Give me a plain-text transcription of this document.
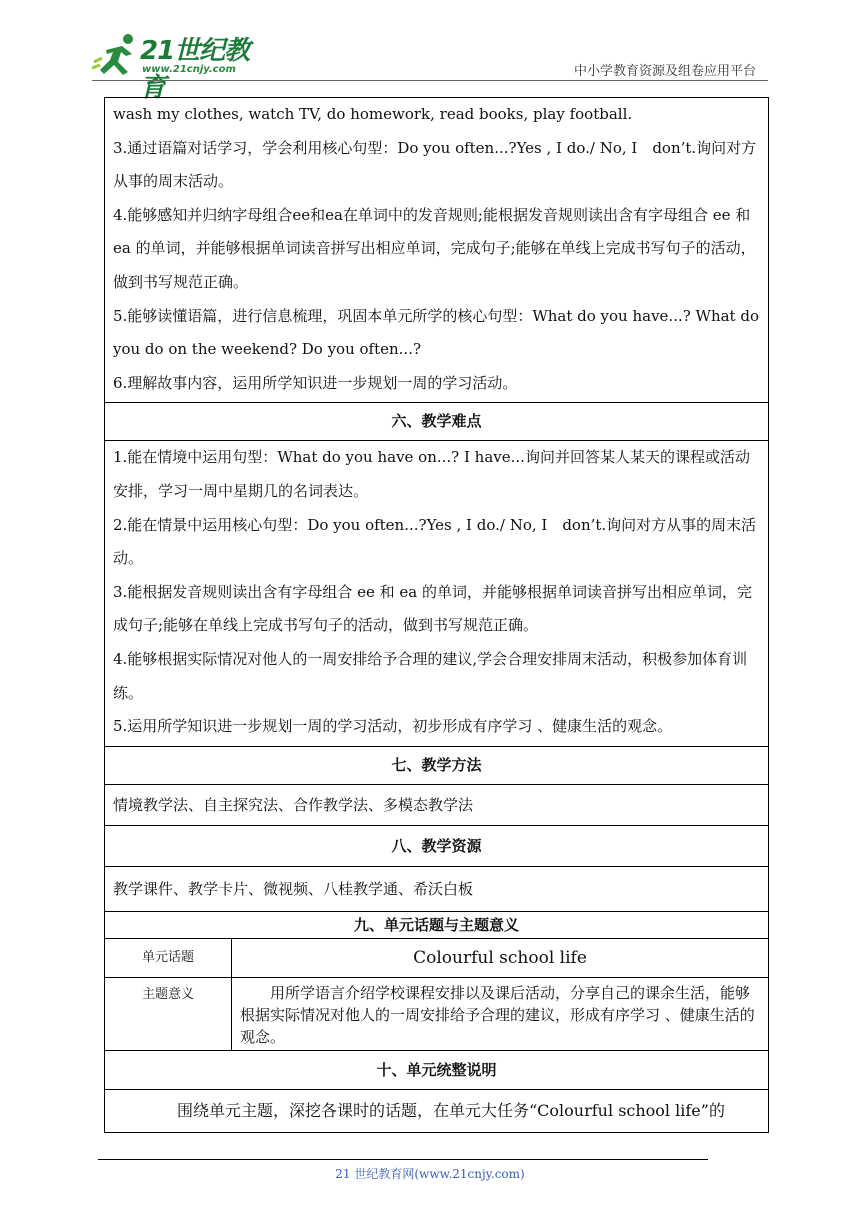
21世纪教育
www.21cnjy.com	中小学教育资源及组卷应用平台

wash my clothes, watch TV, do homework, read books, play football.

3.通过语篇对话学习，学会利用核心句型：Do you often...?Yes , I do./ No, I　don’t.询问对方从事的周末活动。

4.能够感知并归纳字母组合ee和ea在单词中的发音规则;能根据发音规则读出含有字母组合 ee 和 ea 的单词，并能够根据单词读音拼写出相应单词，完成句子;能够在单线上完成书写句子的活动，做到书写规范正确。

5.能够读懂语篇，进行信息梳理，巩固本单元所学的核心句型：What do you have...? What do you do on the weekend? Do you often...?

6.理解故事内容，运用所学知识进一步规划一周的学习活动。	

六、教学难点	

1.能在情境中运用句型：What do you have on...? I have...询问并回答某人某天的课程或活动安排，学习一周中星期几的名词表达。

2.能在情景中运用核心句型：Do you often...?Yes , I do./ No, I　don’t.询问对方从事的周末活动。

3.能根据发音规则读出含有字母组合 ee 和 ea 的单词，并能够根据单词读音拼写出相应单词，完成句子;能够在单线上完成书写句子的活动，做到书写规范正确。

4.能够根据实际情况对他人的一周安排给予合理的建议,学会合理安排周末活动，积极参加体育训练。

5.运用所学知识进一步规划一周的学习活动，初步形成有序学习 、健康生活的观念。	

七、教学方法	
情境教学法、自主探究法、合作教学法、多模态教学法	
八、教学资源	
教学课件、教学卡片、微视频、八桂教学通、希沃白板	
九、单元话题与主题意义	
单元话题	Colourful school life
主题意义	用所学语言介绍学校课程安排以及课后活动，分享自己的课余生活，能够根据实际情况对他人的一周安排给予合理的建议，形成有序学习 、健康生活的观念。
十、单元统整说明	
围绕单元主题，深挖各课时的话题，在单元大任务“Colourful school life”的	
21 世纪教育网(www.21cnjy.com)
